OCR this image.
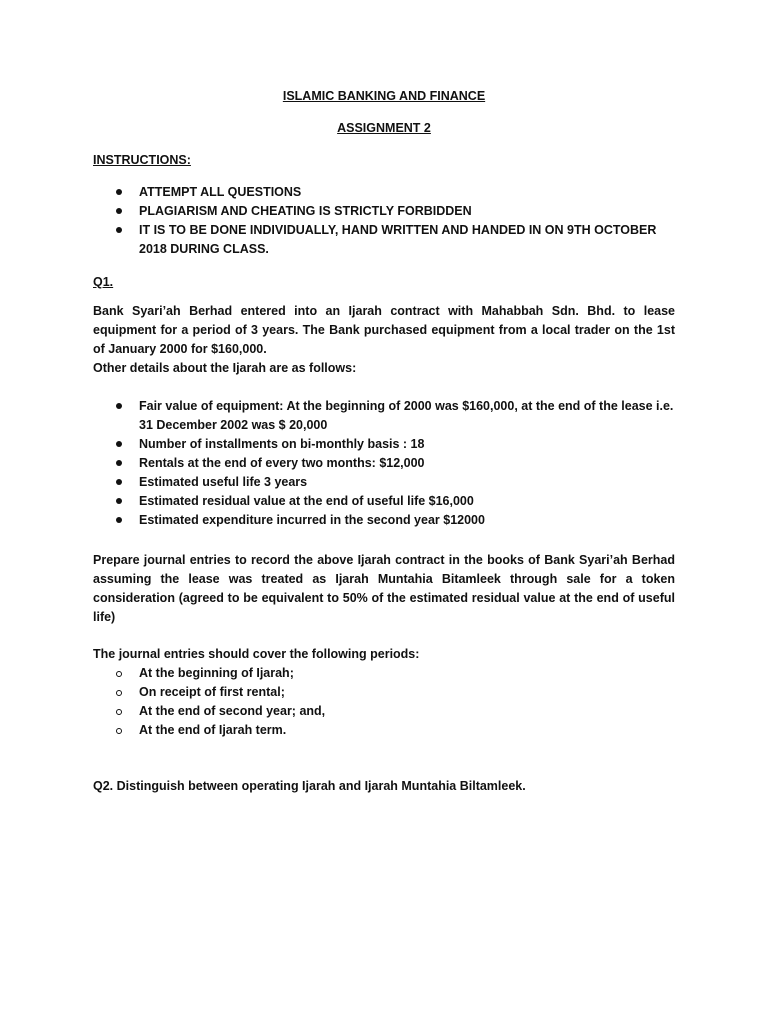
ISLAMIC BANKING AND FINANCE
ASSIGNMENT 2
INSTRUCTIONS:
ATTEMPT ALL QUESTIONS
PLAGIARISM AND CHEATING IS STRICTLY FORBIDDEN
IT IS TO BE DONE INDIVIDUALLY, HAND WRITTEN AND HANDED IN ON 9TH OCTOBER 2018 DURING CLASS.
Q1.

Bank Syari’ah Berhad entered into an Ijarah contract with Mahabbah Sdn. Bhd. to lease equipment for a period of 3 years. The Bank purchased equipment from a local trader on the 1st of January 2000 for $160,000.

Other details about the Ijarah are as follows:

Fair value of equipment: At the beginning of 2000 was $160,000, at the end of the lease i.e. 31 December 2002 was $ 20,000
Number of installments on bi-monthly basis : 18
Rentals at the end of every two months: $12,000
Estimated useful life 3 years
Estimated residual value at the end of useful life $16,000
Estimated expenditure incurred in the second year $12000
Prepare journal entries to record the above Ijarah contract in the books of Bank Syari’ah Berhad assuming the lease was treated as Ijarah Muntahia Bitamleek through sale for a token consideration (agreed to be equivalent to 50% of the estimated residual value at the end of useful life)
The journal entries should cover the following periods:
At the beginning of Ijarah;
On receipt of first rental;
At the end of second year; and,
At the end of Ijarah term.
Q2. Distinguish between operating Ijarah and Ijarah Muntahia Biltamleek.
